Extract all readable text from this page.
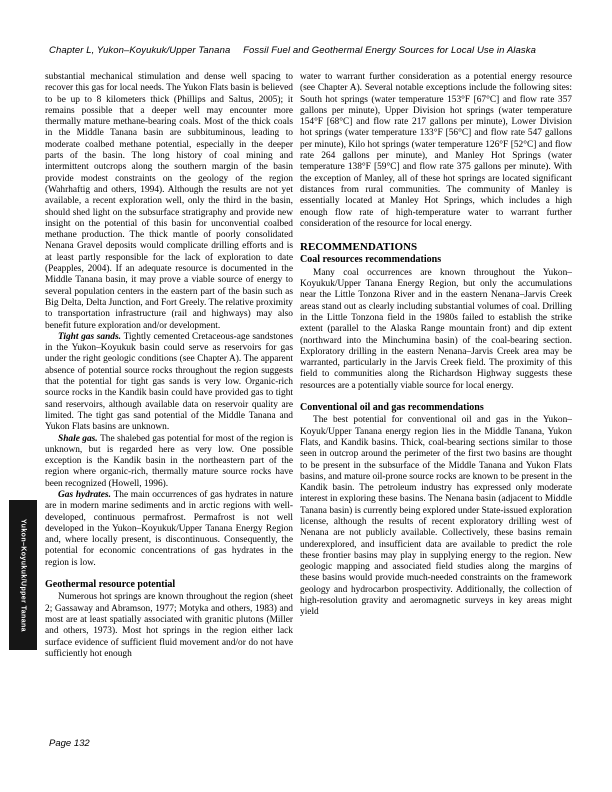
Chapter L, Yukon–Koyukuk/Upper Tanana Fossil Fuel and Geothermal Energy Sources for Local Use in Alaska

substantial mechanical stimulation and dense well spacing to recover this gas for local needs. The Yukon Flats basin is believed to be up to 8 kilometers thick (Phillips and Saltus, 2005); it remains possible that a deeper well may encounter more thermally mature methane-bearing coals. Most of the thick coals in the Middle Tanana basin are subbituminous, leading to moderate coalbed methane potential, especially in the deeper parts of the basin. The long history of coal mining and intermittent outcrops along the southern margin of the basin provide modest constraints on the geology of the region (Wahrhaftig and others, 1994). Although the results are not yet available, a recent exploration well, only the third in the basin, should shed light on the subsurface stratigraphy and provide new insight on the potential of this basin for unconvential coalbed methane production. The thick mantle of poorly consolidated Nenana Gravel deposits would complicate drilling efforts and is at least partly responsible for the lack of exploration to date (Peapples, 2004). If an adequate resource is documented in the Middle Tanana basin, it may prove a viable source of energy to several population centers in the eastern part of the basin such as Big Delta, Delta Junction, and Fort Greely. The relative proximity to transportation infrastructure (rail and highways) may also benefit future exploration and/or development.

Tight gas sands. Tightly cemented Cretaceous-age sandstones in the Yukon–Koyukuk basin could serve as reservoirs for gas under the right geologic conditions (see Chapter A). The apparent absence of potential source rocks throughout the region suggests that the potential for tight gas sands is very low. Organic-rich source rocks in the Kandik basin could have provided gas to tight sand reservoirs, although available data on reservoir quality are limited. The tight gas sand potential of the Middle Tanana and Yukon Flats basins are unknown.

Shale gas. The shalebed gas potential for most of the region is unknown, but is regarded here as very low. One possible exception is the Kandik basin in the northeastern part of the region where organic-rich, thermally mature source rocks have been recognized (Howell, 1996).

Gas hydrates. The main occurrences of gas hydrates in nature are in modern marine sediments and in arctic regions with well-developed, continuous permafrost. Permafrost is not well developed in the Yukon–Koyukuk/Upper Tanana Energy Region and, where locally present, is discontinuous. Consequently, the potential for economic concentrations of gas hydrates in the region is low.

Geothermal resource potential

Numerous hot springs are known throughout the region (sheet 2; Gassaway and Abramson, 1977; Motyka and others, 1983) and most are at least spatially associated with granitic plutons (Miller and others, 1973). Most hot springs in the region either lack surface evidence of sufficient fluid movement and/or do not have sufficiently hot enough

water to warrant further consideration as a potential energy resource (see Chapter A). Several notable exceptions include the following sites: South hot springs (water temperature 153°F [67°C] and flow rate 357 gallons per minute), Upper Division hot springs (water temperature 154°F [68°C] and flow rate 217 gallons per minute), Lower Division hot springs (water temperature 133°F [56°C] and flow rate 547 gallons per minute), Kilo hot springs (water temperature 126°F [52°C] and flow rate 264 gallons per minute), and Manley Hot Springs (water temperature 138°F [59°C] and flow rate 375 gallons per minute). With the exception of Manley, all of these hot springs are located significant distances from rural communities. The community of Manley is essentially located at Manley Hot Springs, which includes a high enough flow rate of high-temperature water to warrant further consideration of the resource for local energy.

RECOMMENDATIONS
Coal resources recommendations

Many coal occurrences are known throughout the Yukon–Koyukuk/Upper Tanana Energy Region, but only the accumulations near the Little Tonzona River and in the eastern Nenana–Jarvis Creek areas stand out as clearly including substantial volumes of coal. Drilling in the Little Tonzona field in the 1980s failed to establish the strike extent (parallel to the Alaska Range mountain front) and dip extent (northward into the Minchumina basin) of the coal-bearing section. Exploratory drilling in the eastern Nenana–Jarvis Creek area may be warranted, particularly in the Jarvis Creek field. The proximity of this field to communities along the Richardson Highway suggests these resources are a potentially viable source for local energy.

Conventional oil and gas recommendations

The best potential for conventional oil and gas in the Yukon–Koyuk/Upper Tanana energy region lies in the Middle Tanana, Yukon Flats, and Kandik basins. Thick, coal-bearing sections similar to those seen in outcrop around the perimeter of the first two basins are thought to be present in the subsurface of the Middle Tanana and Yukon Flats basins, and mature oil-prone source rocks are known to be present in the Kandik basin. The petroleum industry has expressed only moderate interest in exploring these basins. The Nenana basin (adjacent to Middle Tanana basin) is currently being explored under State-issued exploration license, although the results of recent exploratory drilling west of Nenana are not publicly available. Collectively, these basins remain underexplored, and insufficient data are available to predict the role these frontier basins may play in supplying energy to the region. New geologic mapping and associated field studies along the margins of these basins would provide much-needed constraints on the framework geology and hydrocarbon prospectivity. Additionally, the collection of high-resolution gravity and aeromagnetic surveys in key areas might yield

Yukon–Koyukuk/Upper Tanana
Page 132
